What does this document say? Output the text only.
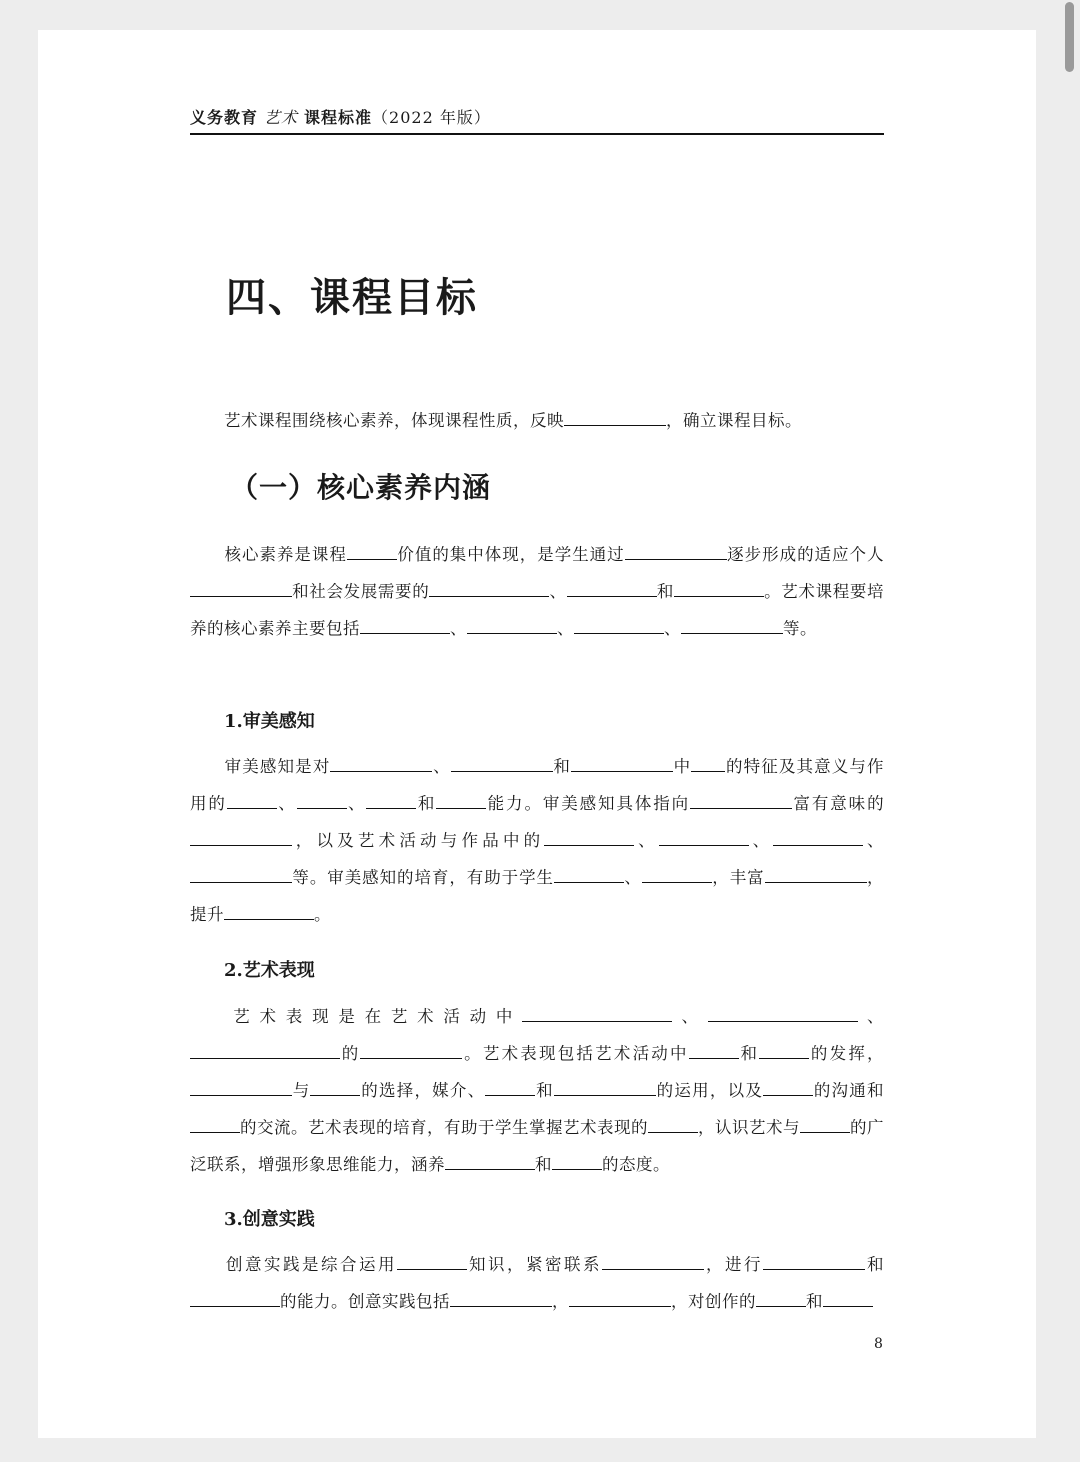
义务教育 艺术 课程标准（2022 年版）
四、课程目标
艺术课程围绕核心素养，体现课程性质，反映	，确立课程目标。
（一）核心素养内涵
核心素养是课程	价值的集中体现，是学生通过	逐步形成的适应个人和社会发展需要的	、	和	。艺术课程要培养的核心素养主要包括	、	、	、	等。
1.审美感知
审美感知是对	、	和	中 的特征及其意义与作用的	、	、	和	能力。审美感知具体指向	富有意味的，以及艺术活动与作品中的	、	、	、等。审美感知的培育，有助于学生	、	，丰富	，提升	。
2.艺术表现
艺术表现是在艺术活动中	、	、的	。艺术表现包括艺术活动中	和	的发挥，与	的选择，媒介、	和	的运用，以及	的沟通和的交流。艺术表现的培育，有助于学生掌握艺术表现的	，认识艺术与	的广泛联系，增强形象思维能力，涵养	和	的态度。
3.创意实践
创意实践是综合运用	知识，紧密联系	，进行	和的能力。创意实践包括	，	，对创作的	和
8
